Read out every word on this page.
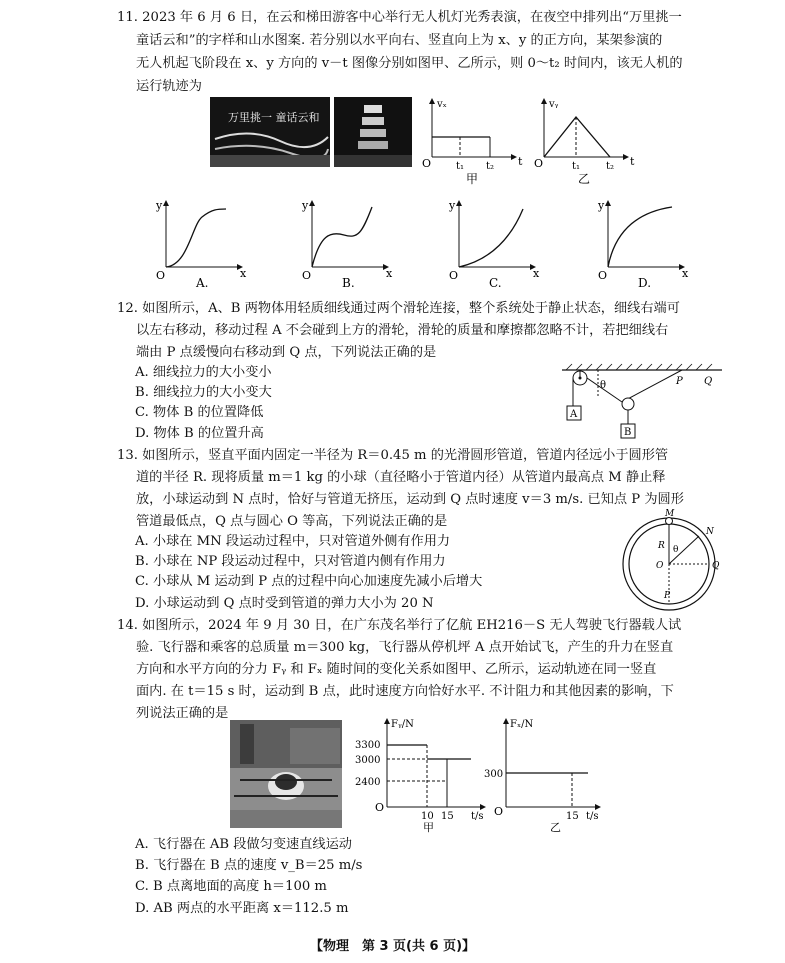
11. 2023 年 6 月 6 日，在云和梯田游客中心举行无人机灯光秀表演，在夜空中排列出“万里挑一
童话云和”的字样和山水图案. 若分别以水平向右、竖直向上为 x、y 的正方向，某架参演的
无人机起飞阶段在 x、y 方向的 v－t 图像分别如图甲、乙所示，则 0～t₂ 时间内，该无人机的
运行轨迹为
万里挑一 童话云和
vₓ
t
O t₁ t₂
甲
vᵧ
t
O	t₁	t₂
乙
y
x
O
A.
y
x
O
B.
y
x
O
C.
y
x
O
D.
12. 如图所示，A、B 两物体用轻质细线通过两个滑轮连接，整个系统处于静止状态，细线右端可
以左右移动，移动过程 A 不会碰到上方的滑轮，滑轮的质量和摩擦都忽略不计，若把细线右
端由 P 点缓慢向右移动到 Q 点，下列说法正确的是
A. 细线拉力的大小变小
B. 细线拉力的大小变大
C. 物体 B 的位置降低
D. 物体 B 的位置升高
A
B
θ	P Q
13. 如图所示，竖直平面内固定一半径为 R＝0.45 m 的光滑圆形管道，管道内径远小于圆形管
道的半径 R. 现将质量 m＝1 kg 的小球（直径略小于管道内径）从管道内最高点 M 静止释
放，小球运动到 N 点时，恰好与管道无挤压，运动到 Q 点时速度 v＝3 m/s. 已知点 P 为圆形
管道最低点，Q 点与圆心 O 等高，下列说法正确的是
A. 小球在 MN 段运动过程中，只对管道外侧有作用力
B. 小球在 NP 段运动过程中，只对管道内侧有作用力
C. 小球从 M 运动到 P 点的过程中向心加速度先减小后增大
D. 小球运动到 Q 点时受到管道的弹力大小为 20 N
M
N
O	Q
P
R θ
14. 如图所示，2024 年 9 月 30 日，在广东茂名举行了亿航 EH216－S 无人驾驶飞行器载人试
验. 飞行器和乘客的总质量 m＝300 kg，飞行器从停机坪 A 点开始试飞，产生的升力在竖直
方向和水平方向的分力 Fᵧ 和 Fₓ 随时间的变化关系如图甲、乙所示，运动轨迹在同一竖直
面内. 在 t＝15 s 时，运动到 B 点，此时速度方向恰好水平. 不计阻力和其他因素的影响，下
列说法正确的是
Fᵧ/N
3300
3000
2400
O
10 15 t/s
甲
Fₓ/N
300
O	15 t/s
乙
A. 飞行器在 AB 段做匀变速直线运动
B. 飞行器在 B 点的速度 v_B＝25 m/s
C. B 点离地面的高度 h＝100 m
D. AB 两点的水平距离 x＝112.5 m
【物理　第 3 页(共 6 页)】
